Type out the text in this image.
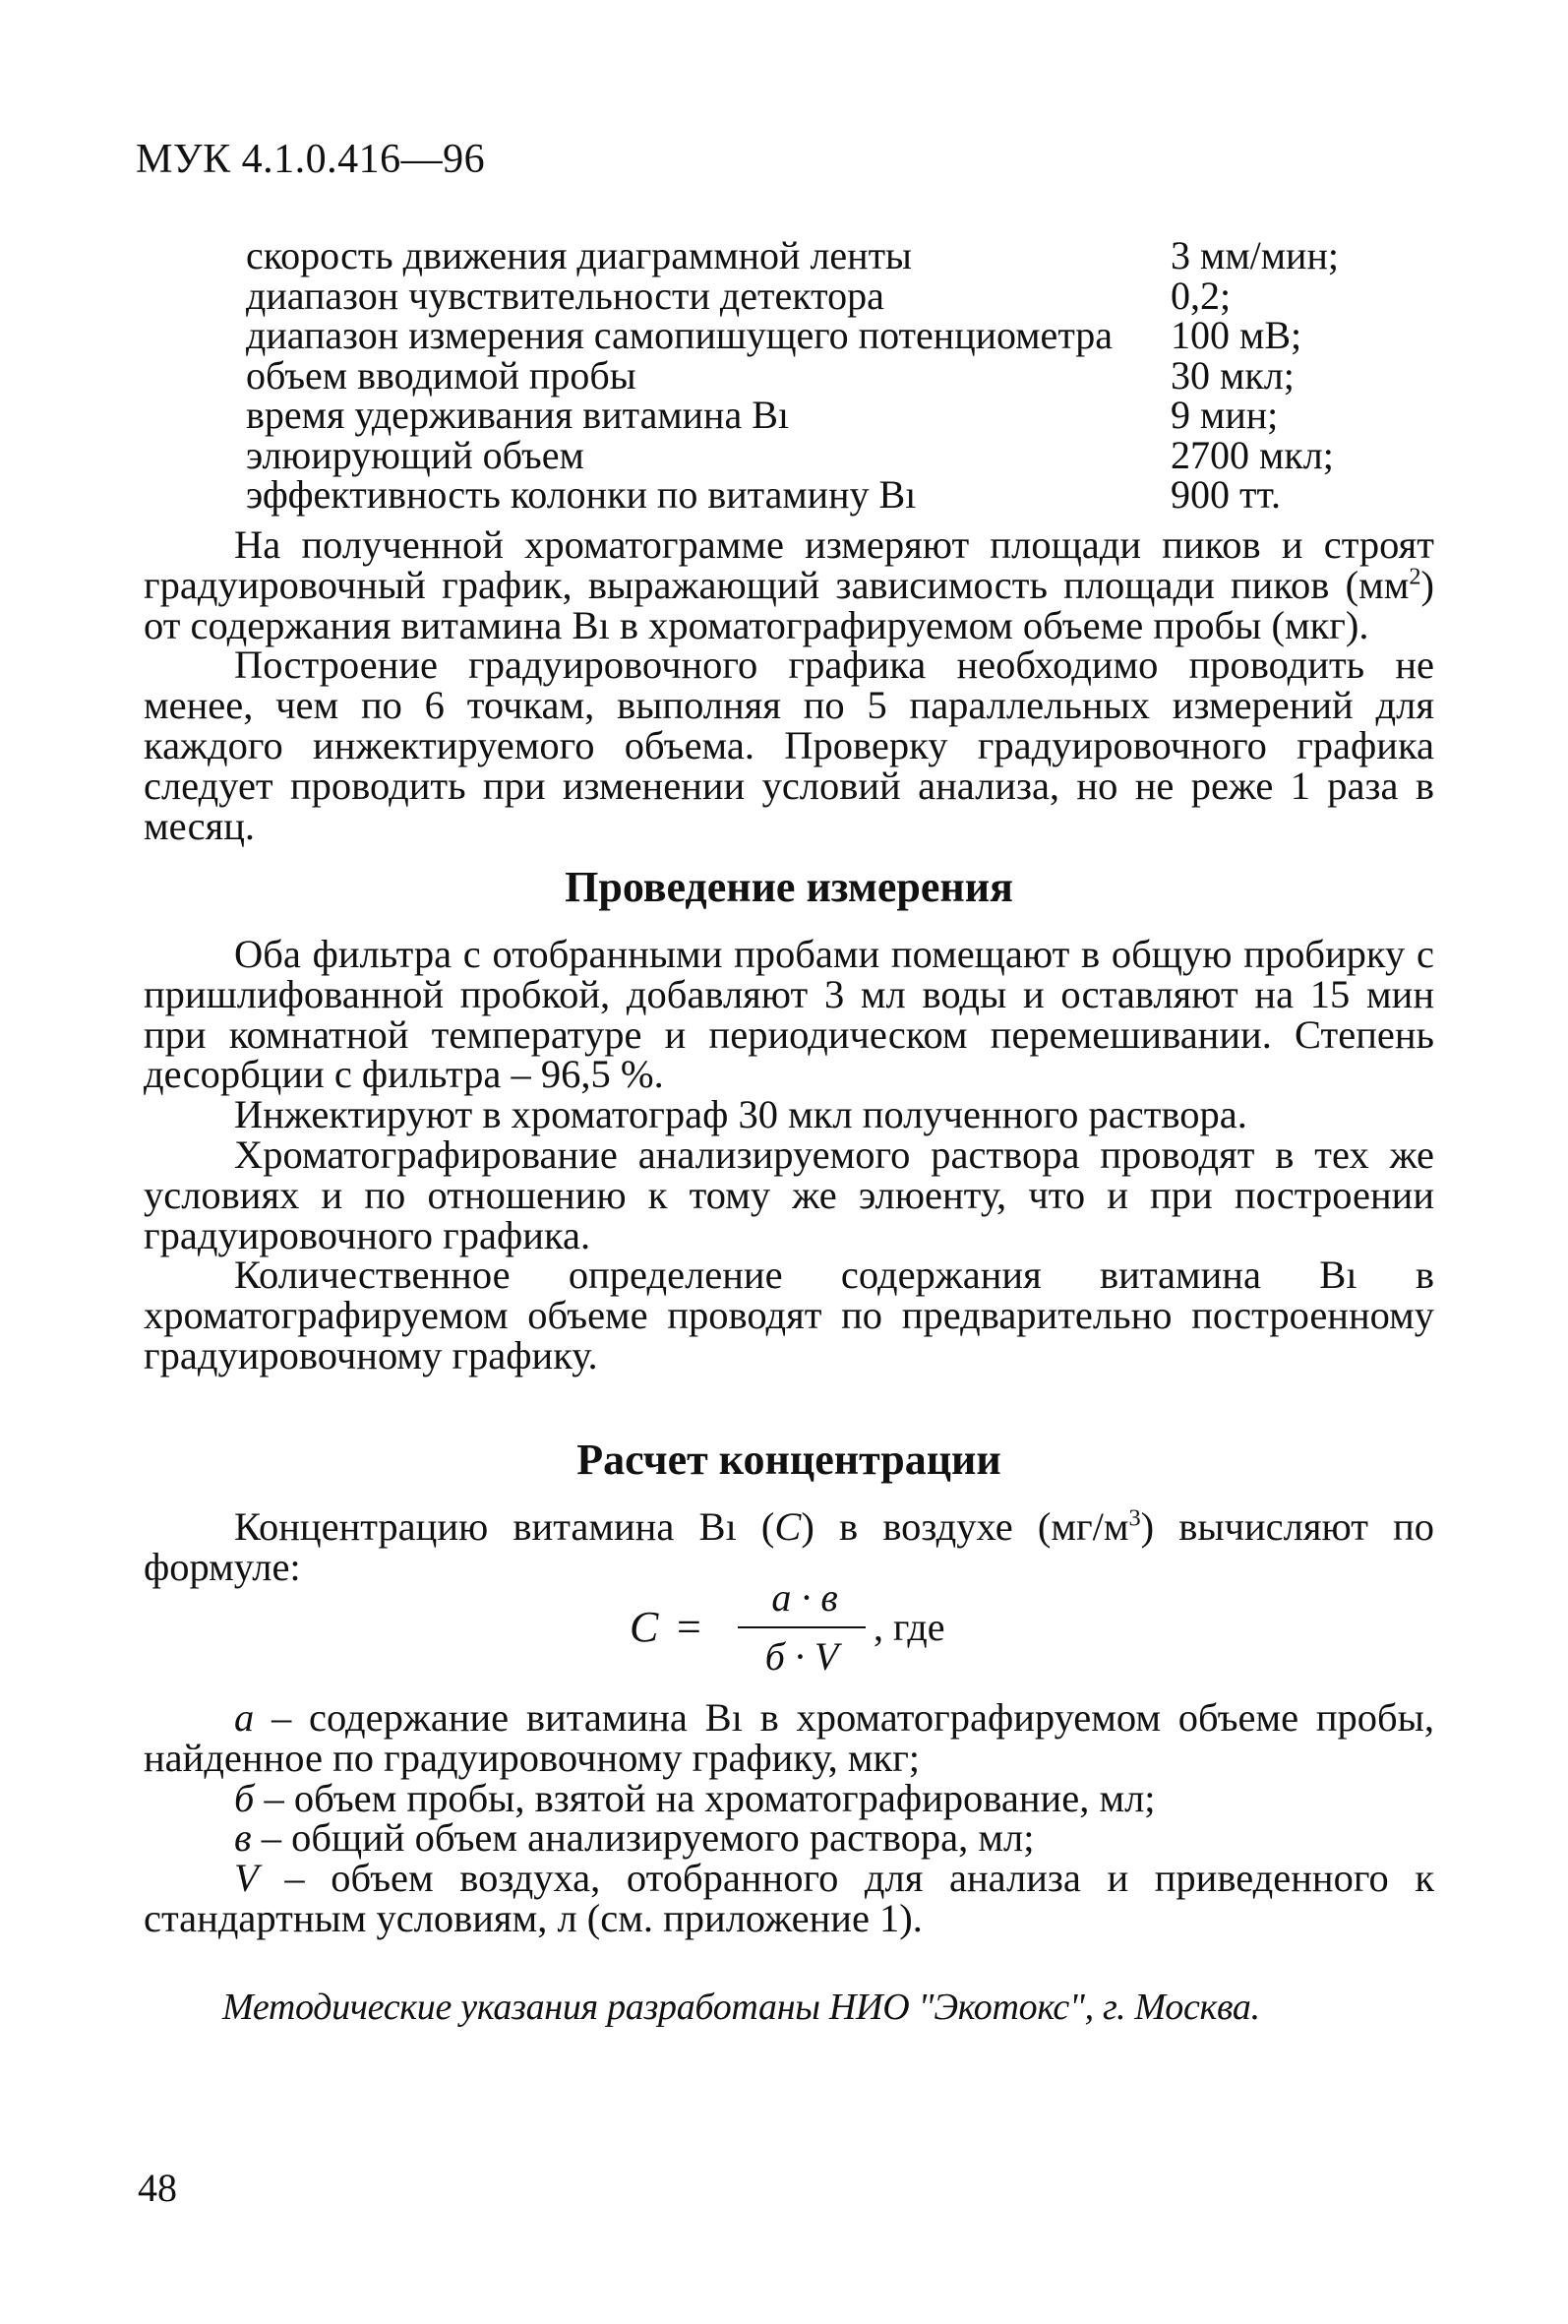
МУК 4.1.0.416—96
скорость движения диаграммной ленты	3 мм/мин;
диапазон чувствительности детектора	0,2;
диапазон измерения самопишущего потенциометра	100 мВ;
объем вводимой пробы	30 мкл;
время удерживания витамина Bı	9 мин;
элюирующий объем	2700 мкл;
эффективность колонки по витамину Bı	900 тт.

На полученной хроматограмме измеряют площади пиков и строят градуировочный график, выражающий зависимость площади пиков $(мм^2)$ от содержания витамина Bı в хроматографируемом объеме пробы (мкг).

Построение градуировочного графика необходимо проводить не менее, чем по 6 точкам, выполняя по 5 параллельных измерений для каждого инжектируемого объема. Проверку градуировочного графика следует проводить при изменении условий анализа, но не реже 1 раза в месяц.

Проведение измерения

Оба фильтра с отобранными пробами помещают в общую пробирку с пришлифованной пробкой, добавляют 3 мл воды и оставляют на 15 мин при комнатной температуре и периодическом перемешивании. Степень десорбции с фильтра – 96,5 %.

Инжектируют в хроматограф 30 мкл полученного раствора.

Хроматографирование анализируемого раствора проводят в тех же условиях и по отношению к тому же элюенту, что и при построении градуировочного графика.

Количественное определение содержания витамина Bı в хроматографируемом объеме проводят по предварительно построенному градуировочному графику.

Расчет концентрации

Концентрацию витамина Bı (C) в воздухе $(мг/м^3)$ вычисляют по формуле:

C =
a · в
б · V
, где

a – содержание витамина Bı в хроматографируемом объеме пробы, найденное по градуировочному графику, мкг;

б – объем пробы, взятой на хроматографирование, мл;

в – общий объем анализируемого раствора, мл;

V – объем воздуха, отобранного для анализа и приведенного к стандартным условиям, л (см. приложение 1).

Методические указания разработаны НИО "Экотокс", г. Москва.
48
